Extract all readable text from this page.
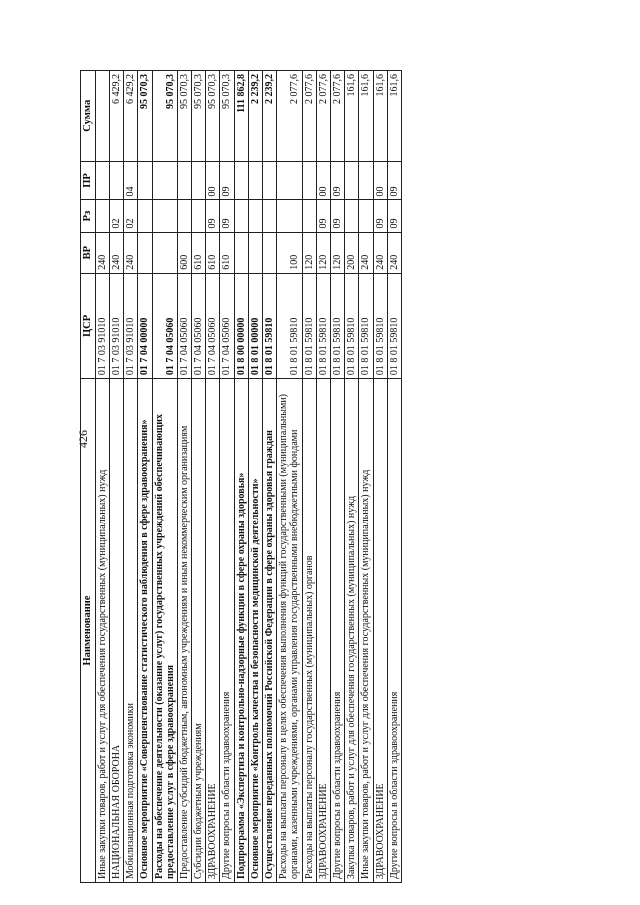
426
Наименование	ЦСР	ВР	Рз	ПР	Сумма
Иные закупки товаров, работ и услуг для обеспечения государственных (муниципальных) нужд	01 7 03 91010	240			
НАЦИОНАЛЬНАЯ ОБОРОНА	01 7 03 91010	240	02		6 429,2
Мобилизационная подготовка экономики	01 7 03 91010	240	02	04	6 429,2
Основное мероприятие «Совершенствование статистического наблюдения в сфере здравоохранения»	01 7 04 00000				95 070,3
Расходы на обеспечение деятельности (оказание услуг) государственных учреждений обеспечивающих предоставление услуг в сфере здравоохранения	01 7 04 05060				95 070,3
Предоставление субсидий бюджетным, автономным учреждениям и иным некоммерческим организациям	01 7 04 05060	600			95 070,3
Субсидии бюджетным учреждениям	01 7 04 05060	610			95 070,3
ЗДРАВООХРАНЕНИЕ	01 7 04 05060	610	09	00	95 070,3
Другие вопросы в области здравоохранения	01 7 04 05060	610	09	09	95 070,3
Подпрограмма «Экспертиза и контрольно-надзорные функции в сфере охраны здоровья»	01 8 00 00000				111 862,8
Основное мероприятие «Контроль качества и безопасности медицинской деятельности»	01 8 01 00000				2 239,2
Осуществление переданных полномочий Российской Федерации в сфере охраны здоровья граждан	01 8 01 59810				2 239,2
Расходы на выплаты персоналу в целях обеспечения выполнения функций государственными (муниципальными) органами, казенными учреждениями, органами управления государственными внебюджетными фондами	01 8 01 59810	100			2 077,6
Расходы на выплаты персоналу государственных (муниципальных) органов	01 8 01 59810	120			2 077,6
ЗДРАВООХРАНЕНИЕ	01 8 01 59810	120	09	00	2 077,6
Другие вопросы в области здравоохранения	01 8 01 59810	120	09	09	2 077,6
Закупка товаров, работ и услуг для обеспечения государственных (муниципальных) нужд	01 8 01 59810	200			161,6
Иные закупки товаров, работ и услуг для обеспечения государственных (муниципальных) нужд	01 8 01 59810	240			161,6
ЗДРАВООХРАНЕНИЕ	01 8 01 59810	240	09	00	161,6
Другие вопросы в области здравоохранения	01 8 01 59810	240	09	09	161,6
